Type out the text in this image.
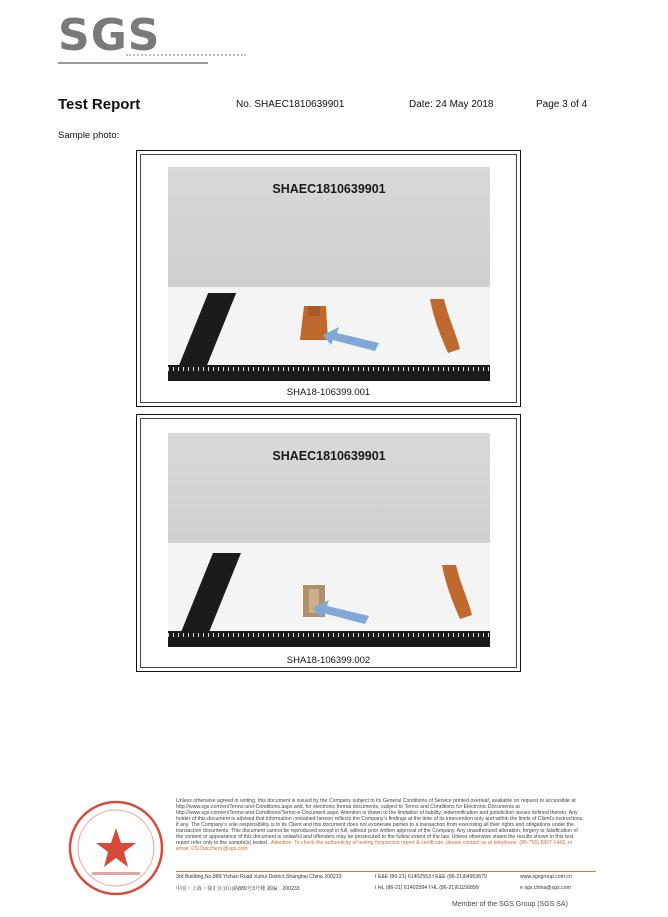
SGS
Test Report	No. SHAEC1810639901	Date: 24 May 2018	Page 3 of 4
Sample photo:
SHAEC1810639901
SHA18-106399.001
SHAEC1810639901
SHA18-106399.002
Unless otherwise agreed in writing, this document is issued by the Company subject to its General Conditions of Service printed overleaf, available on request or accessible at http://www.sgs.com/en/Terms-and-Conditions.aspx and, for electronic format documents, subject to Terms and Conditions for Electronic Documents at http://www.sgs.com/en/Terms-and-Conditions/Terms-e-Document.aspx. Attention is drawn to the limitation of liability, indemnification and jurisdiction issues defined therein. Any holder of this document is advised that information contained hereon reflects the Company's findings at the time of its intervention only and within the limits of Client's instructions, if any. The Company's sole responsibility is to its Client and this document does not exonerate parties to a transaction from exercising all their rights and obligations under the transaction documents. This document cannot be reproduced except in full, without prior written approval of the Company. Any unauthorized alteration, forgery or falsification of the content or appearance of this document is unlawful and offenders may be prosecuted to the fullest extent of the law. Unless otherwise stated the results shown in this test report refer only to the sample(s) tested . Attention: To check the authenticity of testing /inspection report & certificate, please contact us at telephone: (86-755) 8307 1443, or email: CN.Doccheck@sgs.com
3rd Building,No.889 Yishan Road Xuhui District,Shanghai China 200233	t E&E (86-21) 61402553 f E&E (86-21)64953679	www.sgsgroup.com.cn
中国・上海・徐汇区宜山路889号3号楼 邮编：200233	t HL (86-21) 61402594 f HL (86-21)61156899	e sgs.china@sgs.com
Member of the SGS Group (SGS SA)
